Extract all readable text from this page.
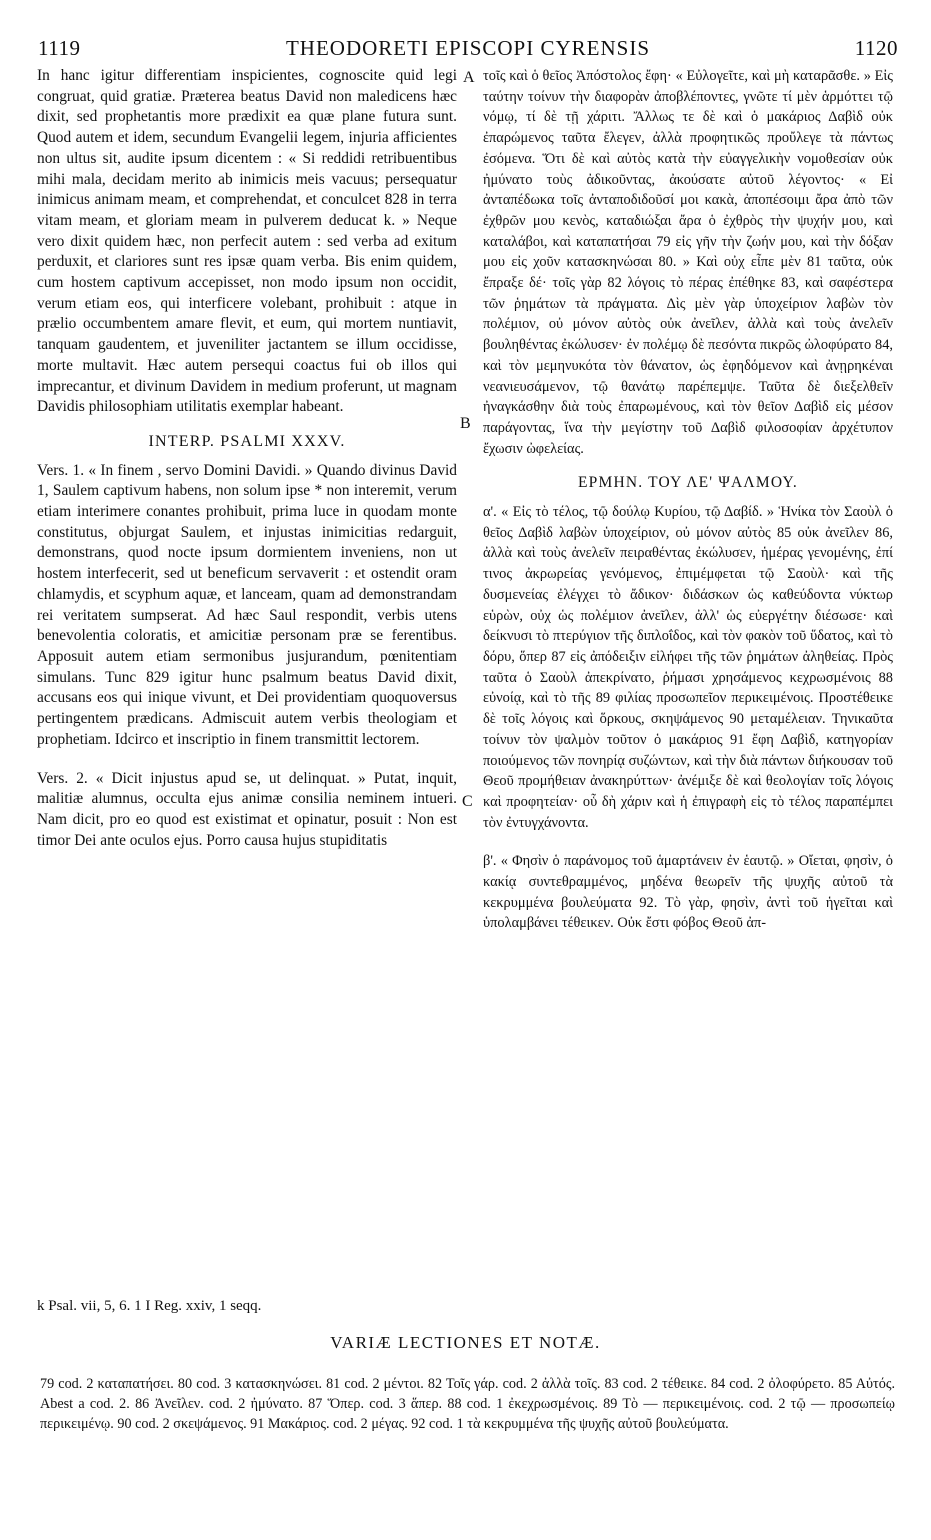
1119	THEODORETI EPISCOPI CYRENSIS	1120
A
B
C

In hanc igitur differentiam inspicientes, cognoscite quid legi congruat, quid gratiæ. Præterea beatus David non maledicens hæc dixit, sed prophetantis more prædixit ea quæ plane futura sunt. Quod autem et idem, secundum Evangelii legem, injuria afficientes non ultus sit, audite ipsum dicentem : « Si reddidi retribuentibus mihi mala, decidam merito ab inimicis meis vacuus; persequatur inimicus animam meam, et comprehendat, et conculcet 828 in terra vitam meam, et gloriam meam in pulverem deducat k. » Neque vero dixit quidem hæc, non perfecit autem : sed verba ad exitum perduxit, et clariores sunt res ipsæ quam verba. Bis enim quidem, cum hostem captivum accepisset, non modo ipsum non occidit, verum etiam eos, qui interficere volebant, prohibuit : atque in prælio occumbentem amare flevit, et eum, qui mortem nuntiavit, tanquam gaudentem, et juveniliter jactantem se illum occidisse, morte multavit. Hæc autem persequi coactus fui ob illos qui imprecantur, et divinum Davidem in medium proferunt, ut magnam Davidis philosophiam utilitatis exemplar habeant.

INTERP. PSALMI XXXV.

Vers. 1. « In finem , servo Domini Davidi. » Quando divinus David 1, Saulem captivum habens, non solum ipse * non interemit, verum etiam interimere conantes prohibuit, prima luce in quodam monte constitutus, objurgat Saulem, et injustas inimicitias redarguit, demonstrans, quod nocte ipsum dormientem inveniens, non ut hostem interfecerit, sed ut beneficum servaverit : et ostendit oram chlamydis, et scyphum aquæ, et lanceam, quam ad demonstrandam rei veritatem sumpserat. Ad hæc Saul respondit, verbis utens benevolentia coloratis, et amicitiæ personam præ se ferentibus. Apposuit autem etiam sermonibus jusjurandum, pœnitentiam simulans. Tunc 829 igitur hunc psalmum beatus David dixit, accusans eos qui inique vivunt, et Dei providentiam quoquoversus pertingentem prædicans. Admiscuit autem verbis theologiam et prophetiam. Idcirco et inscriptio in finem transmittit lectorem.

Vers. 2. « Dicit injustus apud se, ut delinquat. » Putat, inquit, malitiæ alumnus, occulta ejus animæ consilia neminem intueri. Nam dicit, pro eo quod est existimat et opinatur, posuit : Non est timor Dei ante oculos ejus. Porro causa hujus stupiditatis

τοῖς καὶ ὁ θεῖος Ἀπόστολος ἔφη· « Εὐλογεῖτε, καὶ μὴ καταρᾶσθε. » Εἰς ταύτην τοίνυν τὴν διαφορὰν ἀποβλέποντες, γνῶτε τί μὲν ἁρμόττει τῷ νόμῳ, τί δὲ τῇ χάριτι. Ἄλλως τε δὲ καὶ ὁ μακάριος Δαβὶδ οὐκ ἐπαρώμενος ταῦτα ἔλεγεν, ἀλλὰ προφητικῶς προὔλεγε τὰ πάντως ἐσόμενα. Ὅτι δὲ καὶ αὐτὸς κατὰ τὴν εὐαγγελικὴν νομοθεσίαν οὐκ ἠμύνατο τοὺς ἀδικοῦντας, ἀκούσατε αὐτοῦ λέγοντος· « Εἰ ἀνταπέδωκα τοῖς ἀνταποδιδοῦσί μοι κακὰ, ἀποπέσοιμι ἄρα ἀπὸ τῶν ἐχθρῶν μου κενὸς, καταδιώξαι ἄρα ὁ ἐχθρὸς τὴν ψυχήν μου, καὶ καταλάβοι, καὶ καταπατήσαι 79 εἰς γῆν τὴν ζωήν μου, καὶ τὴν δόξαν μου εἰς χοῦν κατασκηνώσαι 80. » Καὶ οὐχ εἶπε μὲν 81 ταῦτα, οὐκ ἔπραξε δέ· τοῖς γὰρ 82 λόγοις τὸ πέρας ἐπέθηκε 83, καὶ σαφέστερα τῶν ῥημάτων τὰ πράγματα. Δὶς μὲν γὰρ ὑποχείριον λαβὼν τὸν πολέμιον, οὐ μόνον αὐτὸς οὐκ ἀνεῖλεν, ἀλλὰ καὶ τοὺς ἀνελεῖν βουληθέντας ἐκώλυσεν· ἐν πολέμῳ δὲ πεσόντα πικρῶς ὠλοφύρατο 84, καὶ τὸν μεμηνυκότα τὸν θάνατον, ὡς ἐφηδόμενον καὶ ἀνῃρηκέναι νεανιευσάμενον, τῷ θανάτῳ παρέπεμψε. Ταῦτα δὲ διεξελθεῖν ἠναγκάσθην διὰ τοὺς ἐπαρωμένους, καὶ τὸν θεῖον Δαβὶδ εἰς μέσον παράγοντας, ἵνα τὴν μεγίστην τοῦ Δαβὶδ φιλοσοφίαν ἀρχέτυπον ἔχωσιν ὠφελείας.

ΕΡΜΗΝ. ΤΟΥ ΛΕ' ΨΑΛΜΟΥ.

α'. « Εἰς τὸ τέλος, τῷ δούλῳ Κυρίου, τῷ Δαβίδ. » Ἡνίκα τὸν Σαοὺλ ὁ θεῖος Δαβὶδ λαβὼν ὑποχείριον, οὐ μόνον αὐτὸς 85 οὐκ ἀνεῖλεν 86, ἀλλὰ καὶ τοὺς ἀνελεῖν πειραθέντας ἐκώλυσεν, ἡμέρας γενομένης, ἐπί τινος ἀκρωρείας γενόμενος, ἐπιμέμφεται τῷ Σαοὺλ· καὶ τῆς δυσμενείας ἐλέγχει τὸ ἄδικον· διδάσκων ὡς καθεύδοντα νύκτωρ εὑρὼν, οὐχ ὡς πολέμιον ἀνεῖλεν, ἀλλ' ὡς εὐεργέτην διέσωσε· καὶ δείκνυσι τὸ πτερύγιον τῆς διπλοΐδος, καὶ τὸν φακὸν τοῦ ὕδατος, καὶ τὸ δόρυ, ὅπερ 87 εἰς ἀπόδειξιν εἰλήφει τῆς τῶν ῥημάτων ἀληθείας. Πρὸς ταῦτα ὁ Σαοὺλ ἀπεκρίνατο, ῥήμασι χρησάμενος κεχρωσμένοις 88 εὐνοίᾳ, καὶ τὸ τῆς 89 φιλίας προσωπεῖον περικειμένοις. Προστέθεικε δὲ τοῖς λόγοις καὶ ὅρκους, σκηψάμενος 90 μεταμέλειαν. Τηνικαῦτα τοίνυν τὸν ψαλμὸν τοῦτον ὁ μακάριος 91 ἔφη Δαβὶδ, κατηγορίαν ποιούμενος τῶν πονηρίᾳ συζώντων, καὶ τὴν διὰ πάντων διήκουσαν τοῦ Θεοῦ προμήθειαν ἀνακηρύττων· ἀνέμιξε δὲ καὶ θεολογίαν τοῖς λόγοις καὶ προφητείαν· οὗ δὴ χάριν καὶ ἡ ἐπιγραφὴ εἰς τὸ τέλος παραπέμπει τὸν ἐντυγχάνοντα.

β'. « Φησὶν ὁ παράνομος τοῦ ἁμαρτάνειν ἐν ἑαυτῷ. » Οἴεται, φησὶν, ὁ κακίᾳ συντεθραμμένος, μηδένα θεωρεῖν τῆς ψυχῆς αὐτοῦ τὰ κεκρυμμένα βουλεύματα 92. Τὸ γὰρ, φησὶν, ἀντὶ τοῦ ἡγεῖται καὶ ὑπολαμβάνει τέθεικεν. Οὐκ ἔστι φόβος Θεοῦ ἀπ-

k Psal. vii, 5, 6. 1 I Reg. xxiv, 1 seqq.
VARIÆ LECTIONES ET NOTÆ.

79 cod. 2 καταπατήσει. 80 cod. 3 κατασκηνώσει. 81 cod. 2 μέντοι. 82 Τοῖς γάρ. cod. 2 ἀλλὰ τοῖς. 83 cod. 2 τέθεικε. 84 cod. 2 ὀλοφύρετο. 85 Αὐτός. Abest a cod. 2. 86 Ἀνεῖλεν. cod. 2 ἠμύνατο. 87 Ὅπερ. cod. 3 ἅπερ. 88 cod. 1 ἐκεχρωσμένοις. 89 Τὸ — περικειμένοις. cod. 2 τῷ — προσωπείῳ περικειμένῳ. 90 cod. 2 σκεψάμενος. 91 Μακάριος. cod. 2 μέγας. 92 cod. 1 τὰ κεκρυμμένα τῆς ψυχῆς αὐτοῦ βουλεύματα.
